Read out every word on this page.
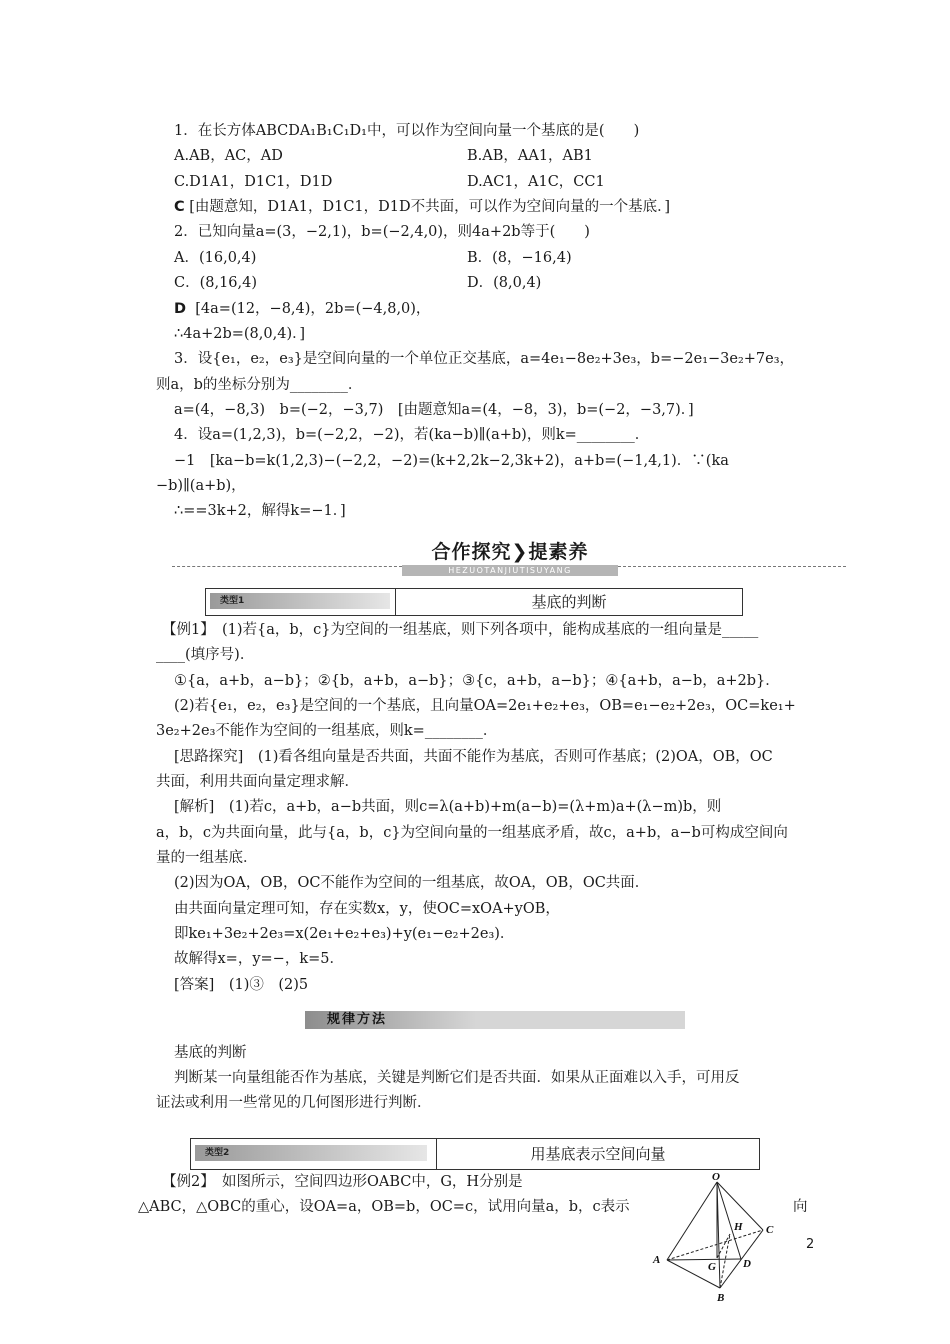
1．在长方体ABCDA₁B₁C₁D₁中，可以作为空间向量一个基底的是(　　)
A.AB，AC，AD	B.AB，AA1，AB1
C.D1A1，D1C1，D1D	D.AC1，A1C，CC1
C [由题意知，D1A1，D1C1，D1D不共面，可以作为空间向量的一个基底．]
2．已知向量a=(3，−2,1)，b=(−2,4,0)，则4a+2b等于(　　)
A．(16,0,4)	B．(8，−16,4)
C．(8,16,4)	D．(8,0,4)
D [4a=(12，−8,4)，2b=(−4,8,0)，
∴4a+2b=(8,0,4)．]
3．设{e₁，e₂，e₃}是空间向量的一个单位正交基底，a=4e₁−8e₂+3e₃，b=−2e₁−3e₂+7e₃，
则a，b的坐标分别为________．
a=(4，−8,3)　b=(−2，−3,7)　[由题意知a=(4，−8，3)，b=(−2，−3,7)．]
4．设a=(1,2,3)，b=(−2,2，−2)，若(ka−b)∥(a+b)，则k=________．
−1　[ka−b=k(1,2,3)−(−2,2，−2)=(k+2,2k−2,3k+2)，a+b=(−1,4,1)．∵(ka
−b)∥(a+b)，
∴==3k+2，解得k=−1．]
合作探究❯提素养
HEZUOTANJIUTISUYANG
类型1	基底的判断
【例1】　(1)若{a，b，c}为空间的一组基底，则下列各项中，能构成基底的一组向量是_____
____(填序号)．
①{a，a+b，a−b}；②{b，a+b，a−b}；③{c，a+b，a−b}；④{a+b，a−b，a+2b}．
(2)若{e₁，e₂，e₃}是空间的一个基底，且向量OA=2e₁+e₂+e₃，OB=e₁−e₂+2e₃，OC=ke₁+
3e₂+2e₃不能作为空间的一组基底，则k=________．
[思路探究]　(1)看各组向量是否共面，共面不能作为基底，否则可作基底；(2)OA，OB，OC
共面，利用共面向量定理求解．
[解析]　(1)若c，a+b，a−b共面，则c=λ(a+b)+m(a−b)=(λ+m)a+(λ−m)b，则
a，b，c为共面向量，此与{a，b，c}为空间向量的一组基底矛盾，故c，a+b，a−b可构成空间向
量的一组基底．
(2)因为OA，OB，OC不能作为空间的一组基底，故OA，OB，OC共面．
由共面向量定理可知，存在实数x，y，使OC=xOA+yOB，
即ke₁+3e₂+2e₃=x(2e₁+e₂+e₃)+y(e₁−e₂+2e₃)．
故解得x=，y=−，k=5．
[答案]　(1)③　(2)5
规律方法
基底的判断
判断某一向量组能否作为基底，关键是判断它们是否共面．如果从正面难以入手，可用反
证法或利用一些常见的几何图形进行判断．
类型2	用基底表示空间向量
【例2】　如图所示，空间四边形OABC中，G，H分别是
△ABC，△OBC的重心，设OA=a，OB=b，OC=c，试用向量a，b，c表示	向
O
H C
A
G D
B
2
